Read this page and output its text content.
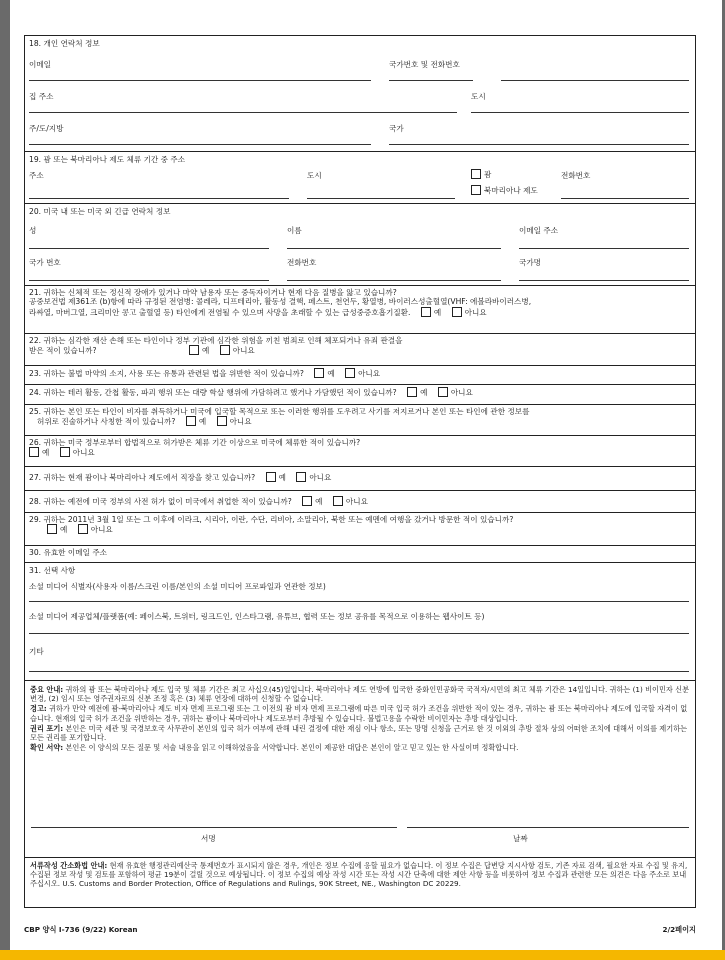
18. 개인 연락처 정보
이메일	국가번호 및 전화번호
집 주소	도시
주/도/지방	국가
19. 괌 또는 북마리아나 제도 체류 기간 중 주소
주소	도시	괌
북마리아나 제도
전화번호
20. 미국 내 또는 미국 외 긴급 연락처 정보
성	이름	이메일 주소
국가 번호	전화번호	국가명
21. 귀하는 신체적 또는 정신적 장애가 있거나 마약 남용자 또는 중독자이거나 현재 다음 질병을 앓고 있습니까?
공중보건법 제361조 (b)항에 따라 규정된 전염병: 콜레라, 디프테리아, 활동성 결핵, 페스트, 천연두, 황열병, 바이러스성출혈열(VHF: 에볼라바이러스병,
라싸열, 마버그열, 크리미안 콩고 출혈열 등) 타인에게 전염될 수 있으며 사망을 초래할 수 있는 급성중증호흡기질환.	예	아니요
22. 귀하는 심각한 재산 손해 또는 타인이나 정부 기관에 심각한 위험을 끼친 범죄로 인해 체포되거나 유죄 판결을
받은 적이 있습니까?	예	아니요
23. 귀하는 불법 마약의 소지, 사용 또는 유통과 관련된 법을 위반한 적이 있습니까?	예	아니요
24. 귀하는 테러 활동, 간첩 활동, 파괴 행위 또는 대량 학살 행위에 가담하려고 했거나 가담했던 적이 있습니까?	예	아니요
25. 귀하는 본인 또는 타인이 비자를 취득하거나 미국에 입국할 목적으로 또는 이러한 행위를 도우려고 사기를 저지르거나 본인 또는 타인에 관한 정보를
허위로 진술하거나 사칭한 적이 있습니까?	예	아니요
26. 귀하는 미국 정부로부터 합법적으로 허가받은 체류 기간 이상으로 미국에 체류한 적이 있습니까?
예	아니요
27. 귀하는 현재 괌이나 북마리아나 제도에서 직장을 찾고 있습니까?	예	아니요
28. 귀하는 예전에 미국 정부의 사전 허가 없이 미국에서 취업한 적이 있습니까?	예	아니요
29. 귀하는 2011년 3월 1일 또는 그 이후에 이라크, 시리아, 이란, 수단, 리비아, 소말리아, 북한 또는 예멘에 여행을 갔거나 방문한 적이 있습니까?
예	아니요
30. 유효한 이메일 주소
31. 선택 사항
소셜 미디어 식별자(사용자 이름/스크린 이름/본인의 소셜 미디어 프로파일과 연관한 정보)
소셜 미디어 제공업체/플랫폼(예: 페이스북, 트위터, 링크드인, 인스타그램, 유튜브, 협력 또는 정보 공유를 목적으로 이용하는 웹사이트 등)
기타

중요 안내: 귀하의 괌 또는 북마리아나 제도 입국 및 체류 기간은 최고 사십오(45)일입니다. 북마리아나 제도 연방에 입국한 중화인민공화국 국적자/시민의 최고 체류 기간은 14일입니다. 귀하는 (1) 비이민자 신분 변경, (2) 임시 또는 영주권자로의 신분 조정 혹은 (3) 체류 연장에 대하여 신청할 수 없습니다.

경고: 귀하가 만약 예전에 괌-북마리아나 제도 비자 면제 프로그램 또는 그 이전의 괌 비자 면제 프로그램에 따른 미국 입국 허가 조건을 위반한 적이 있는 경우, 귀하는 괌 또는 북마리아나 제도에 입국할 자격이 없습니다. 현재의 입국 허가 조건을 위반하는 경우, 귀하는 괌이나 북마리아나 제도로부터 추방될 수 있습니다. 불법고용을 수락한 비이민자는 추방 대상입니다.

권리 포기: 본인은 미국 세관 및 국경보호국 사무관이 본인의 입국 허가 여부에 관해 내린 결정에 대한 재심 이나 항소, 또는 망명 신청을 근거로 한 것 이외의 추방 절차 상의 어떠한 조치에 대해서 이의를 제기하는 모든 권리를 포기합니다.

확인 서약: 본인은 이 양식의 모든 질문 및 서술 내용을 읽고 이해하였음을 서약합니다. 본인이 제공한 대답은 본인이 알고 믿고 있는 한 사실이며 정확합니다.

서명	날짜

서류작성 간소화법 안내: 현재 유효한 행정관리예산국 통제번호가 표시되지 않은 경우, 개인은 정보 수집에 응할 필요가 없습니다. 이 정보 수집은 답변당 지시사항 검토, 기존 자료 검색, 필요한 자료 수집 및 유지, 수집된 정보 작성 및 검토를 포함하여 평균 19분이 걸릴 것으로 예상됩니다. 이 정보 수집의 예상 작성 시간 또는 작성 시간 단축에 대한 제안 사항 등을 비롯하여 정보 수집과 관련한 모든 의견은 다음 주소로 보내주십시오. U.S. Customs and Border Protection, Office of Regulations and Rulings, 90K Street, NE., Washington DC 20229.

CBP 양식 I-736 (9/22) Korean	2/2페이지
